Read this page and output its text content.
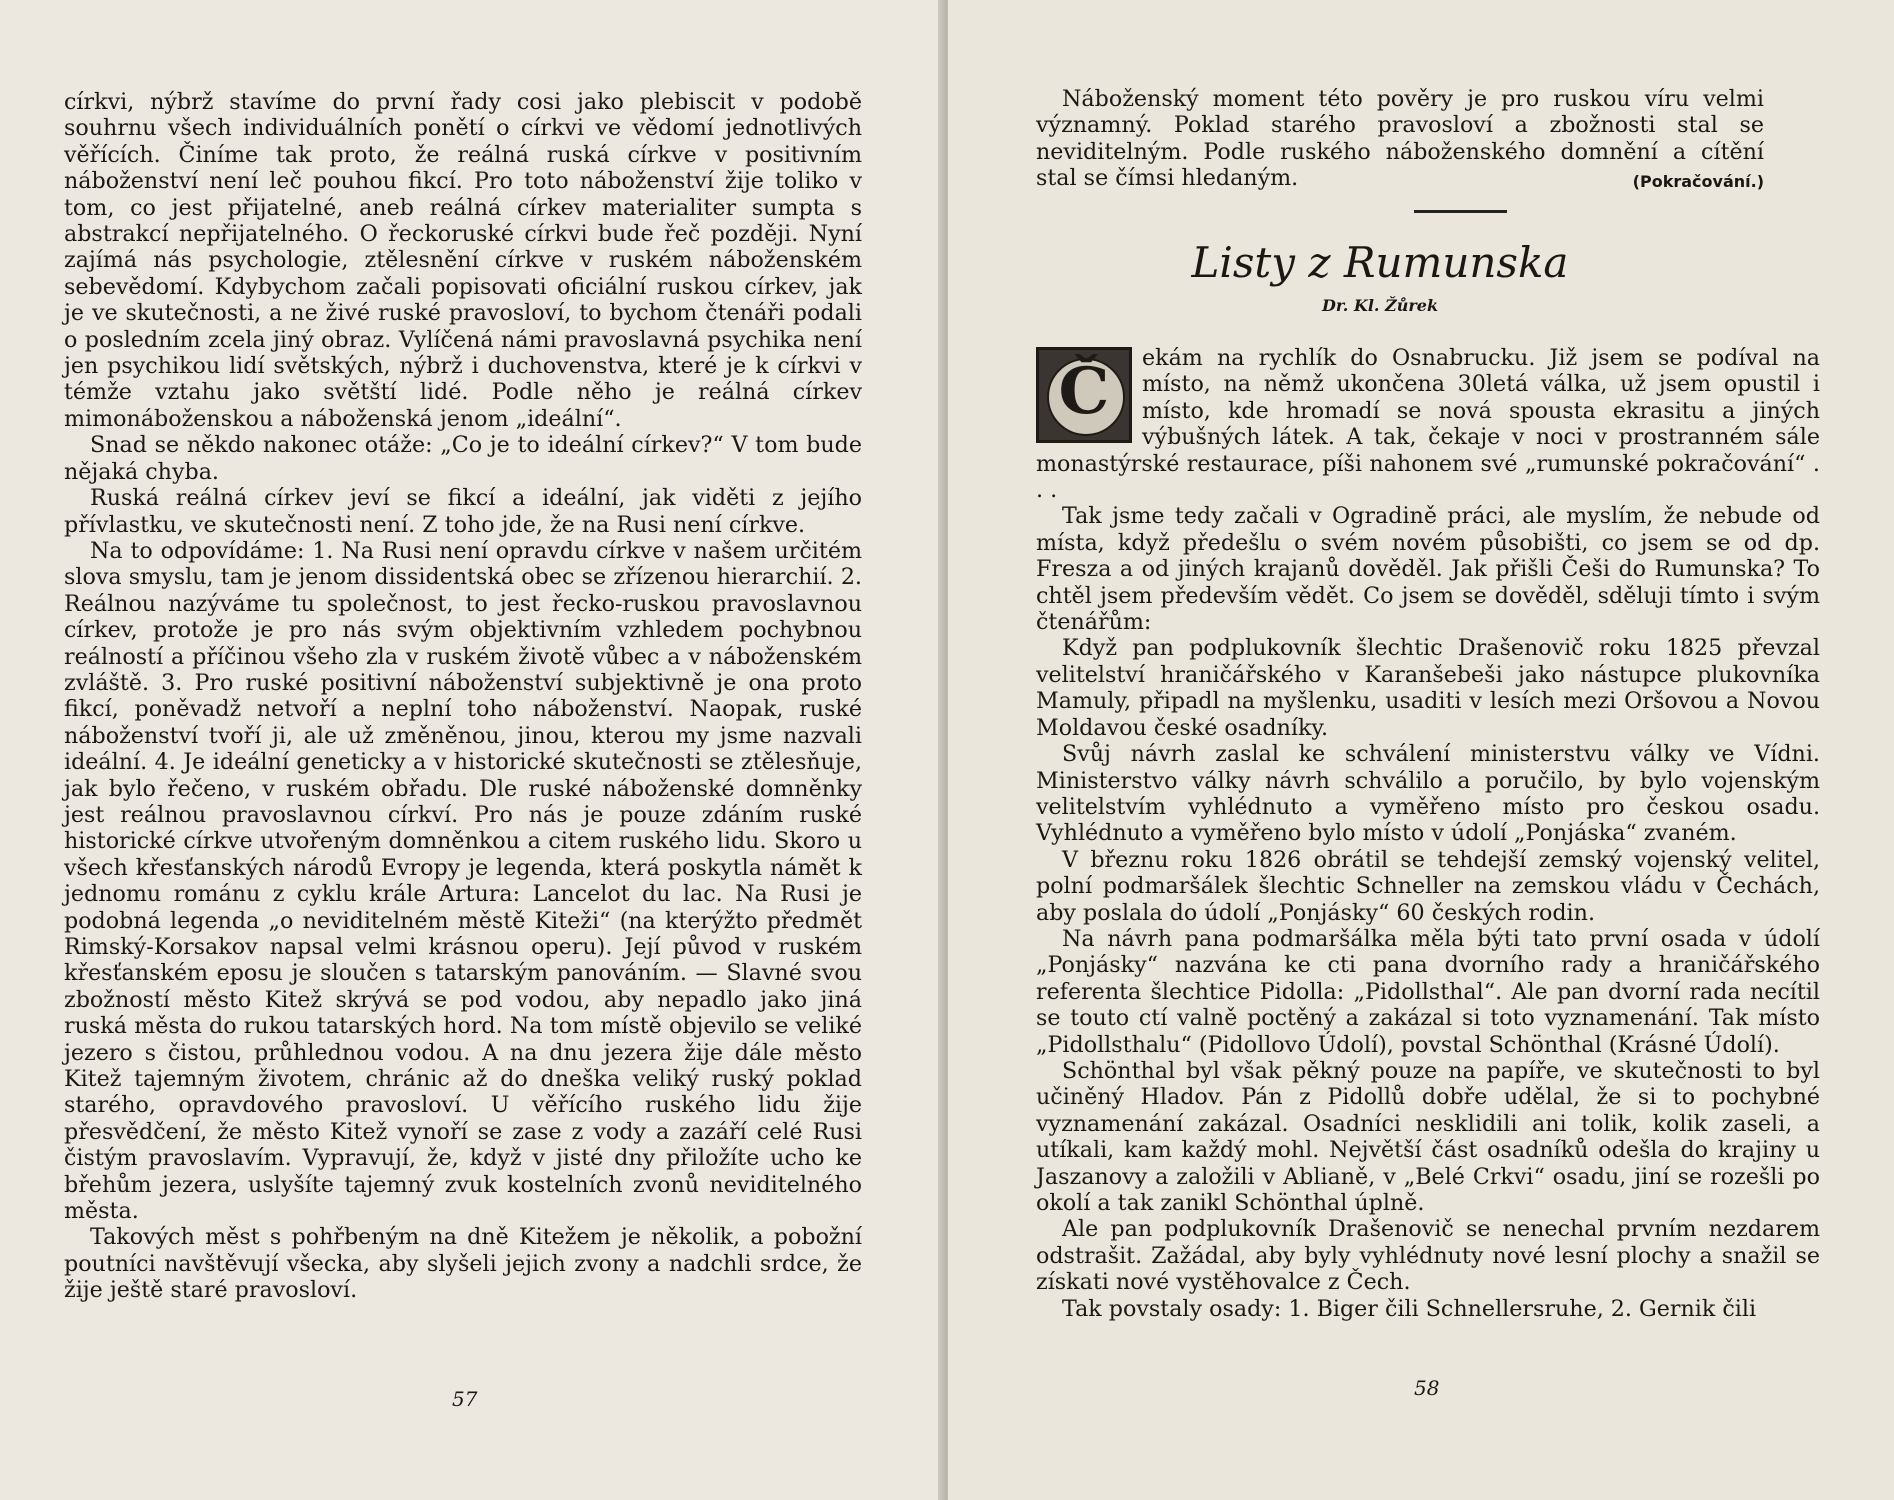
církvi, nýbrž stavíme do první řady cosi jako plebiscit v podobě souhrnu všech individuálních ponětí o církvi ve vědomí jednotlivých věřících. Činíme tak proto, že reálná ruská církve v positivním náboženství není leč pouhou fikcí. Pro toto náboženství žije toliko v tom, co jest přijatelné, aneb reálná církev materialiter sumpta s abstrakcí nepřijatelného. O řeckoruské církvi bude řeč později. Nyní zajímá nás psychologie, ztělesnění církve v ruském náboženském sebevědomí. Kdybychom začali popisovati oficiální ruskou církev, jak je ve skutečnosti, a ne živé ruské pravosloví, to bychom čtenáři podali o posledním zcela jiný obraz. Vylíčená námi pravoslavná psychika není jen psychikou lidí světských, nýbrž i duchovenstva, které je k církvi v témže vztahu jako světští lidé. Podle něho je reálná církev mimonáboženskou a náboženská jenom „ideální“.

Snad se někdo nakonec otáže: „Co je to ideální církev?“ V tom bude nějaká chyba.

Ruská reálná církev jeví se fikcí a ideální, jak viděti z jejího přívlastku, ve skutečnosti není. Z toho jde, že na Rusi není církve.

Na to odpovídáme: 1. Na Rusi není opravdu církve v našem určitém slova smyslu, tam je jenom dissidentská obec se zřízenou hierarchií. 2. Reálnou nazýváme tu společnost, to jest řecko-ruskou pravoslavnou církev, protože je pro nás svým objektivním vzhledem pochybnou reálností a příčinou všeho zla v ruském životě vůbec a v náboženském zvláště. 3. Pro ruské positivní náboženství subjektivně je ona proto fikcí, poněvadž netvoří a neplní toho náboženství. Naopak, ruské náboženství tvoří ji, ale už změněnou, jinou, kterou my jsme nazvali ideální. 4. Je ideální geneticky a v historické skutečnosti se ztělesňuje, jak bylo řečeno, v ruském obřadu. Dle ruské náboženské domněnky jest reálnou pravoslavnou církví. Pro nás je pouze zdáním ruské historické církve utvořeným domněnkou a citem ruského lidu. Skoro u všech křesťanských národů Evropy je legenda, která poskytla námět k jednomu románu z cyklu krále Artura: Lancelot du lac. Na Rusi je podobná legenda „o neviditelném městě Kiteži“ (na kterýžto předmět Rimský-Korsakov napsal velmi krásnou operu). Její původ v ruském křesťanském eposu je sloučen s tatarským panováním. — Slavné svou zbožností město Kitež skrývá se pod vodou, aby nepadlo jako jiná ruská města do rukou tatarských hord. Na tom místě objevilo se veliké jezero s čistou, průhlednou vodou. A na dnu jezera žije dále město Kitež tajemným životem, chránic až do dneška veliký ruský poklad starého, opravdového pravosloví. U věřícího ruského lidu žije přesvědčení, že město Kitež vynoří se zase z vody a zazáří celé Rusi čistým pravoslavím. Vypravují, že, když v jisté dny přiložíte ucho ke břehům jezera, uslyšíte tajemný zvuk kostelních zvonů neviditelného města.

Takových měst s pohřbeným na dně Kitežem je několik, a pobožní poutníci navštěvují všecka, aby slyšeli jejich zvony a nadchli srdce, že žije ještě staré pravosloví.

57

Náboženský moment této pověry je pro ruskou víru velmi významný. Poklad starého pravosloví a zbožnosti stal se neviditelným. Podle ruského náboženského domnění a cítění stal se čímsi hledaným.	(Pokračování.)

Listy z Rumunska
Dr. Kl. Žůrek

Č	ekám na rychlík do Osnabrucku. Již jsem se podíval na místo, na němž ukončena 30letá válka, už jsem opustil i místo, kde hromadí se nová spousta ekrasitu a jiných výbušných látek. A tak, čekaje v noci v prostranném sále monastýrské restaurace, píši nahonem své „rumunské pokračování“ . . .

Tak jsme tedy začali v Ogradině práci, ale myslím, že nebude od místa, když předešlu o svém novém působišti, co jsem se od dp. Fresza a od jiných krajanů dověděl. Jak přišli Češi do Rumunska? To chtěl jsem především vědět. Co jsem se dověděl, sděluji tímto i svým čtenářům:

Když pan podplukovník šlechtic Drašenovič roku 1825 převzal velitelství hraničářského v Karanšebeši jako nástupce plukovníka Mamuly, připadl na myšlenku, usaditi v lesích mezi Oršovou a Novou Moldavou české osadníky.

Svůj návrh zaslal ke schválení ministerstvu války ve Vídni. Ministerstvo války návrh schválilo a poručilo, by bylo vojenským velitelstvím vyhlédnuto a vyměřeno místo pro českou osadu. Vyhlédnuto a vyměřeno bylo místo v údolí „Ponjáska“ zvaném.

V březnu roku 1826 obrátil se tehdejší zemský vojenský velitel, polní podmaršálek šlechtic Schneller na zemskou vládu v Čechách, aby poslala do údolí „Ponjásky“ 60 českých rodin.

Na návrh pana podmaršálka měla býti tato první osada v údolí „Ponjásky“ nazvána ke cti pana dvorního rady a hraničářského referenta šlechtice Pidolla: „Pidollsthal“. Ale pan dvorní rada necítil se touto ctí valně poctěný a zakázal si toto vyznamenání. Tak místo „Pidollsthalu“ (Pidollovo Údolí), povstal Schönthal (Krásné Údolí).

Schönthal byl však pěkný pouze na papíře, ve skutečnosti to byl učiněný Hladov. Pán z Pidollů dobře udělal, že si to pochybné vyznamenání zakázal. Osadníci nesklidili ani tolik, kolik zaseli, a utíkali, kam každý mohl. Největší část osadníků odešla do krajiny u Jaszanovy a založili v Ablianě, v „Belé Crkvi“ osadu, jiní se rozešli po okolí a tak zanikl Schönthal úplně.

Ale pan podplukovník Drašenovič se nenechal prvním nezdarem odstrašit. Zažádal, aby byly vyhlédnuty nové lesní plochy a snažil se získati nové vystěhovalce z Čech.

Tak povstaly osady: 1. Biger čili Schnellersruhe, 2. Gernik čili

58
